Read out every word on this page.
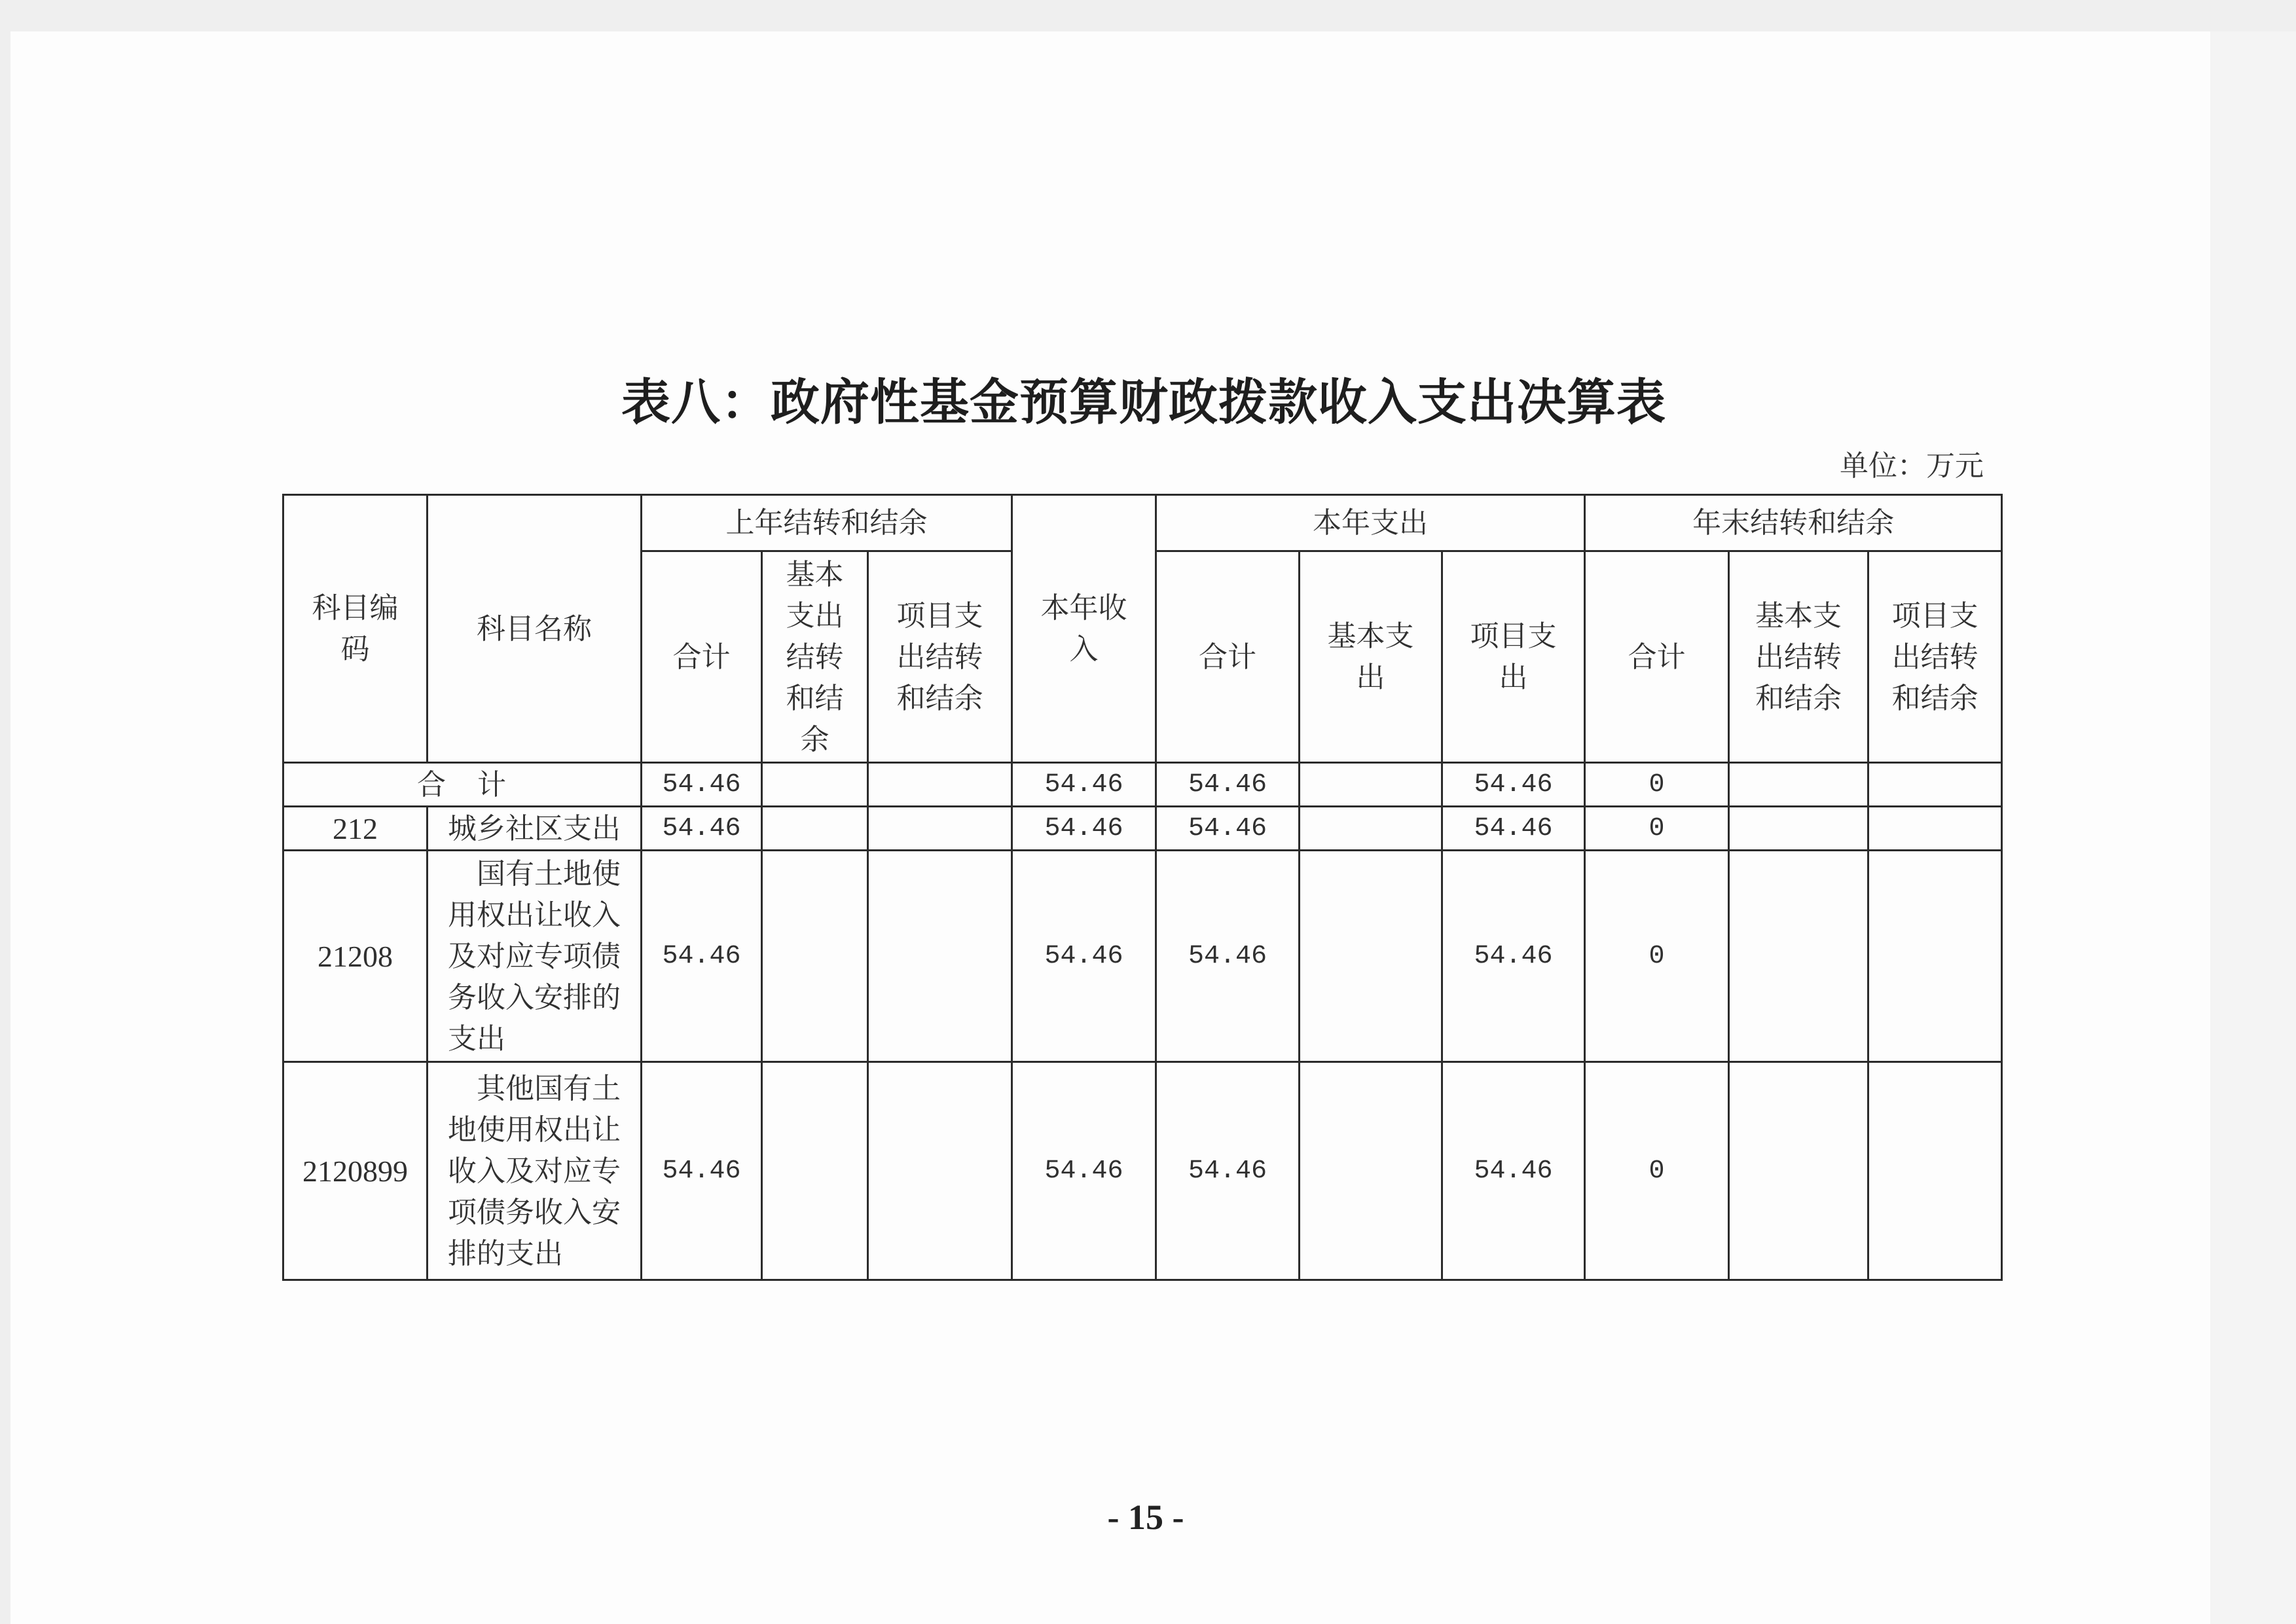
表八：政府性基金预算财政拨款收入支出决算表
单位：万元
科目编码	科目名称	上年结转和结余			本年收入	本年支出			年末结转和结余		
		合计	基本支出结转和结余	项目支出结转和结余		合计	基本支出	项目支出	合计	基本支出结转和结余	项目支出结转和结余
合　计		54.46			54.46	54.46		54.46	0		
212	城乡社区支出	54.46			54.46	54.46		54.46	0		
21208	国有土地使用权出让收入及对应专项债务收入安排的支出	54.46			54.46	54.46		54.46	0		
2120899	其他国有土地使用权出让收入及对应专项债务收入安排的支出	54.46			54.46	54.46		54.46	0		
- 15 -
